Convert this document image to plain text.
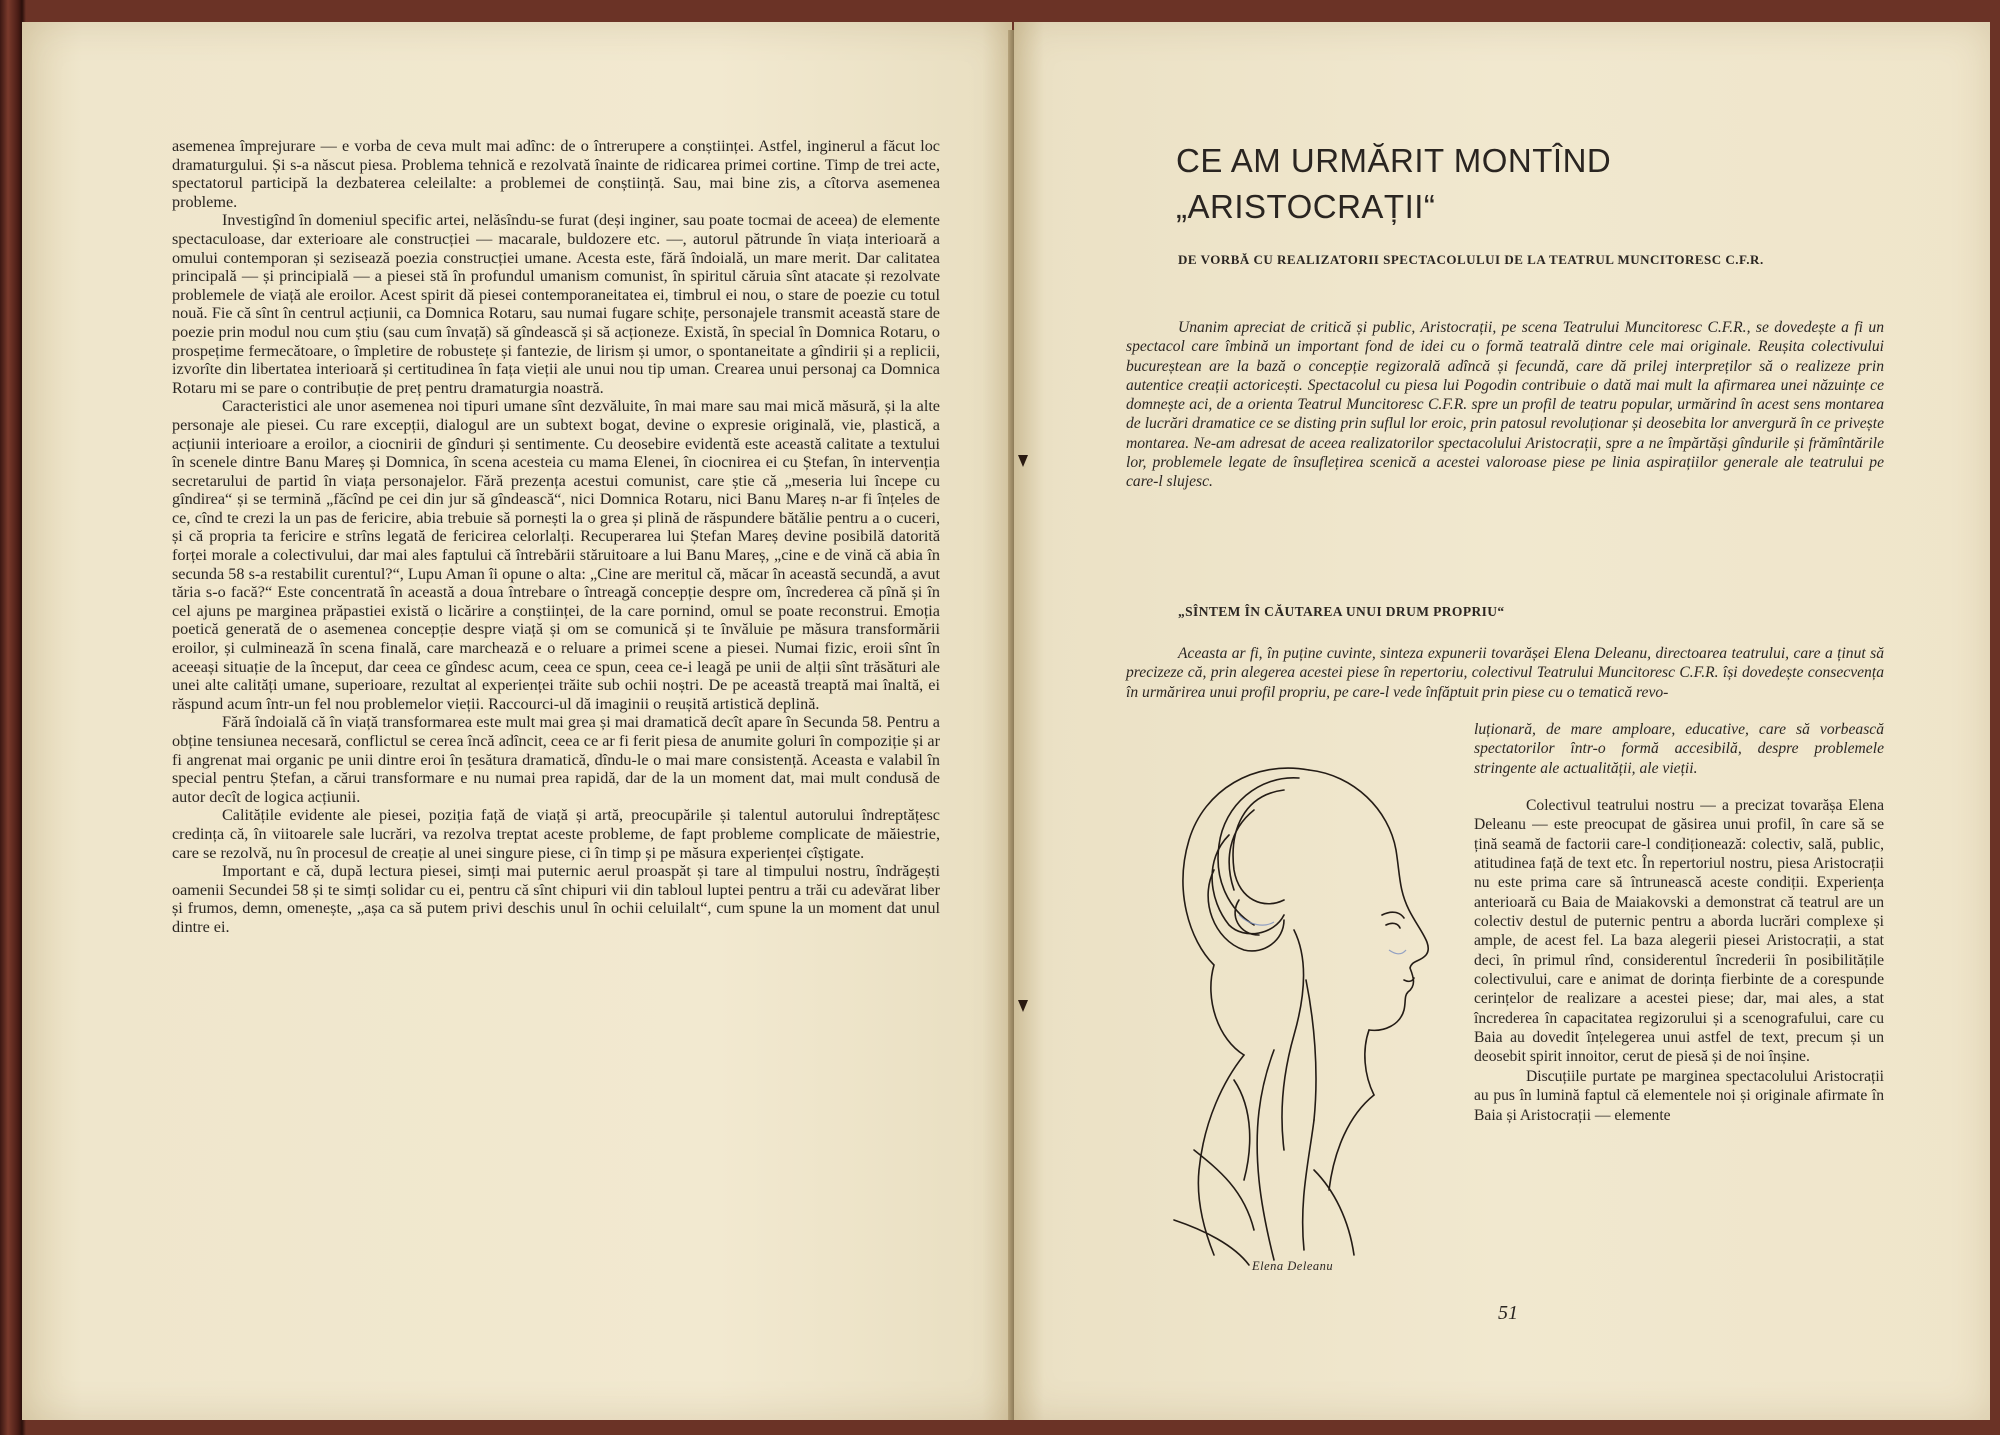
asemenea împrejurare — e vorba de ceva mult mai adînc: de o întrerupere a conștiinței. Astfel, inginerul a făcut loc dramaturgului. Și s-a născut piesa. Problema tehnică e rezolvată înainte de ridicarea primei cortine. Timp de trei acte, spectatorul participă la dezbaterea celeilalte: a problemei de conștiință. Sau, mai bine zis, a cîtorva asemenea probleme.

Investigînd în domeniul specific artei, nelăsîndu-se furat (deși inginer, sau poate tocmai de aceea) de elemente spectaculoase, dar exterioare ale construcției — macarale, buldozere etc. —, autorul pătrunde în viața interioară a omului contemporan și sezisează poezia construcției umane. Acesta este, fără îndoială, un mare merit. Dar calitatea principală — și principială — a piesei stă în profundul umanism comunist, în spiritul căruia sînt atacate și rezolvate problemele de viață ale eroilor. Acest spirit dă piesei contemporaneitatea ei, timbrul ei nou, o stare de poezie cu totul nouă. Fie că sînt în centrul acțiunii, ca Domnica Rotaru, sau numai fugare schițe, personajele transmit această stare de poezie prin modul nou cum știu (sau cum învață) să gîndească și să acționeze. Există, în special în Domnica Rotaru, o prospețime fermecătoare, o împletire de robustețe și fantezie, de lirism și umor, o spontaneitate a gîndirii și a replicii, izvorîte din libertatea interioară și certitudinea în fața vieții ale unui nou tip uman. Crearea unui personaj ca Domnica Rotaru mi se pare o contribuție de preț pentru dramaturgia noastră.

Caracteristici ale unor asemenea noi tipuri umane sînt dezvăluite, în mai mare sau mai mică măsură, și la alte personaje ale piesei. Cu rare excepții, dialogul are un subtext bogat, devine o expresie originală, vie, plastică, a acțiunii interioare a eroilor, a ciocnirii de gînduri și sentimente. Cu deosebire evidentă este această calitate a textului în scenele dintre Banu Mareș și Domnica, în scena acesteia cu mama Elenei, în ciocnirea ei cu Ștefan, în intervenția secretarului de partid în viața personajelor. Fără prezența acestui comunist, care știe că „meseria lui începe cu gîndirea“ și se termină „făcînd pe cei din jur să gîndească“, nici Domnica Rotaru, nici Banu Mareș n-ar fi înțeles de ce, cînd te crezi la un pas de fericire, abia trebuie să pornești la o grea și plină de răspundere bătălie pentru a o cuceri, și că propria ta fericire e strîns legată de fericirea celorlalți. Recuperarea lui Ștefan Mareș devine posibilă datorită forței morale a colectivului, dar mai ales faptului că întrebării stăruitoare a lui Banu Mareș, „cine e de vină că abia în secunda 58 s-a restabilit curentul?“, Lupu Aman îi opune o alta: „Cine are meritul că, măcar în această secundă, a avut tăria s-o facă?“ Este concentrată în această a doua întrebare o întreagă concepție despre om, încrederea că pînă și în cel ajuns pe marginea prăpastiei există o licărire a conștiinței, de la care pornind, omul se poate reconstrui. Emoția poetică generată de o asemenea concepție despre viață și om se comunică și te învăluie pe măsura transformării eroilor, și culminează în scena finală, care marchează e o reluare a primei scene a piesei. Numai fizic, eroii sînt în aceeași situație de la început, dar ceea ce gîndesc acum, ceea ce spun, ceea ce-i leagă pe unii de alții sînt trăsături ale unei alte calități umane, superioare, rezultat al experienței trăite sub ochii noștri. De pe această treaptă mai înaltă, ei răspund acum într-un fel nou problemelor vieții. Raccourci-ul dă imaginii o reușită artistică deplină.

Fără îndoială că în viață transformarea este mult mai grea și mai dramatică decît apare în Secunda 58. Pentru a obține tensiunea necesară, conflictul se cerea încă adîncit, ceea ce ar fi ferit piesa de anumite goluri în compoziție și ar fi angrenat mai organic pe unii dintre eroi în țesătura dramatică, dîndu-le o mai mare consistență. Aceasta e valabil în special pentru Ștefan, a cărui transformare e nu numai prea rapidă, dar de la un moment dat, mai mult condusă de autor decît de logica acțiunii.

Calitățile evidente ale piesei, poziția față de viață și artă, preocupările și talentul autorului îndreptățesc credința că, în viitoarele sale lucrări, va rezolva treptat aceste probleme, de fapt probleme complicate de măiestrie, care se rezolvă, nu în procesul de creație al unei singure piese, ci în timp și pe măsura experienței cîștigate.

Important e că, după lectura piesei, simți mai puternic aerul proaspăt și tare al timpului nostru, îndrăgești oamenii Secundei 58 și te simți solidar cu ei, pentru că sînt chipuri vii din tabloul luptei pentru a trăi cu adevărat liber și frumos, demn, omenește, „așa ca să putem privi deschis unul în ochii celuilalt“, cum spune la un moment dat unul dintre ei.

CE AM URMĂRIT MONTÎND
„ARISTOCRAȚII“

DE VORBĂ CU REALIZATORII SPECTACOLULUI DE LA TEATRUL MUNCITORESC C.F.R.

Unanim apreciat de critică și public, Aristocrații, pe scena Teatrului Muncitoresc C.F.R., se dovedește a fi un spectacol care îmbină un important fond de idei cu o formă teatrală dintre cele mai originale. Reușita colectivului bucureștean are la bază o concepție regizorală adîncă și fecundă, care dă prilej interpreților să o realizeze prin autentice creații actoricești. Spectacolul cu piesa lui Pogodin contribuie o dată mai mult la afirmarea unei năzuințe ce domnește aci, de a orienta Teatrul Muncitoresc C.F.R. spre un profil de teatru popular, urmărind în acest sens montarea de lucrări dramatice ce se disting prin suflul lor eroic, prin patosul revoluționar și deosebita lor anvergură în ce privește montarea. Ne-am adresat de aceea realizatorilor spectacolului Aristocrații, spre a ne împărtăși gîndurile și frămîntările lor, problemele legate de însuflețirea scenică a acestei valoroase piese pe linia aspirațiilor generale ale teatrului pe care-l slujesc.

„SÎNTEM ÎN CĂUTAREA UNUI DRUM PROPRIU“

Aceasta ar fi, în puține cuvinte, sinteza expunerii tovarășei Elena Deleanu, directoarea teatrului, care a ținut să precizeze că, prin alegerea acestei piese în repertoriu, colectivul Teatrului Muncitoresc C.F.R. își dovedește consecvența în urmărirea unui profil propriu, pe care-l vede înfăptuit prin piese cu o tematică revo-

luționară, de mare amploare, educative, care să vorbească spectatorilor într-o formă accesibilă, despre problemele stringente ale actualității, ale vieții.

Colectivul teatrului nostru — a precizat tovarășa Elena Deleanu — este preocupat de găsirea unui profil, în care să se țină seamă de factorii care-l condiționează: colectiv, sală, public, atitudinea față de text etc. În repertoriul nostru, piesa Aristocrații nu este prima care să întrunească aceste condiții. Experiența anterioară cu Baia de Maiakovski a demonstrat că teatrul are un colectiv destul de puternic pentru a aborda lucrări complexe și ample, de acest fel. La baza alegerii piesei Aristocrații, a stat deci, în primul rînd, considerentul încrederii în posibilitățile colectivului, care e animat de dorința fierbinte de a corespunde cerințelor de realizare a acestei piese; dar, mai ales, a stat încrederea în capacitatea regizorului și a scenografului, care cu Baia au dovedit înțelegerea unui astfel de text, precum și un deosebit spirit innoitor, cerut de piesă și de noi înșine.

Discuțiile purtate pe marginea spectacolului Aristocrații au pus în lumină faptul că elementele noi și originale afirmate în Baia și Aristocrații — elemente

Elena Deleanu

51
